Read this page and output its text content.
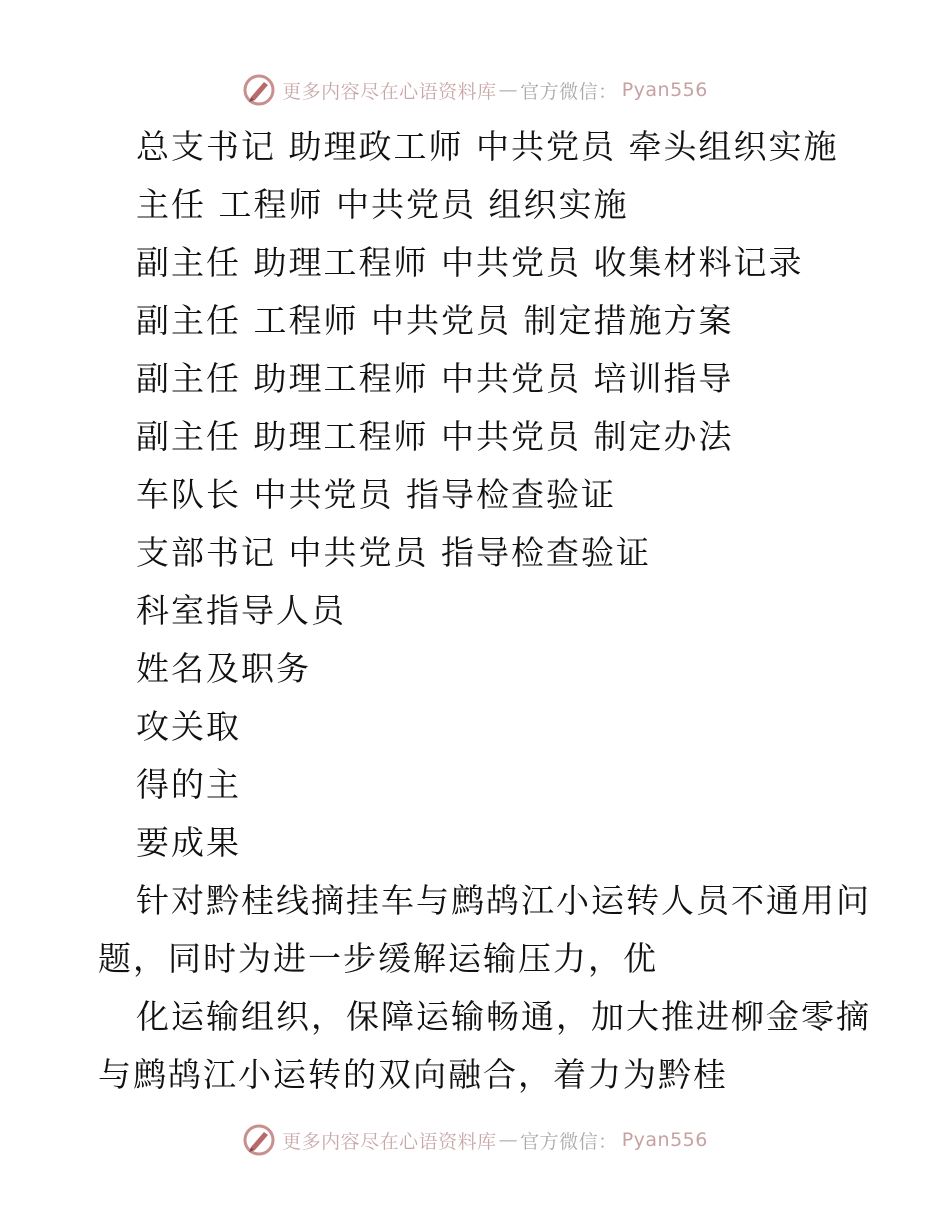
更多内容尽在心语资料库 — 官方微信： Pyan556
总支书记 助理政工师 中共党员 牵头组织实施
主任 工程师 中共党员 组织实施
副主任 助理工程师 中共党员 收集材料记录
副主任 工程师 中共党员 制定措施方案
副主任 助理工程师 中共党员 培训指导
副主任 助理工程师 中共党员 制定办法
车队长 中共党员 指导检查验证
支部书记 中共党员 指导检查验证
科室指导人员
姓名及职务
攻关取
得的主
要成果
针对黔桂线摘挂车与鹧鸪江小运转人员不通用问
题，同时为进一步缓解运输压力，优
化运输组织，保障运输畅通，加大推进柳金零摘
与鹧鸪江小运转的双向融合，着力为黔桂
更多内容尽在心语资料库 — 官方微信： Pyan556
